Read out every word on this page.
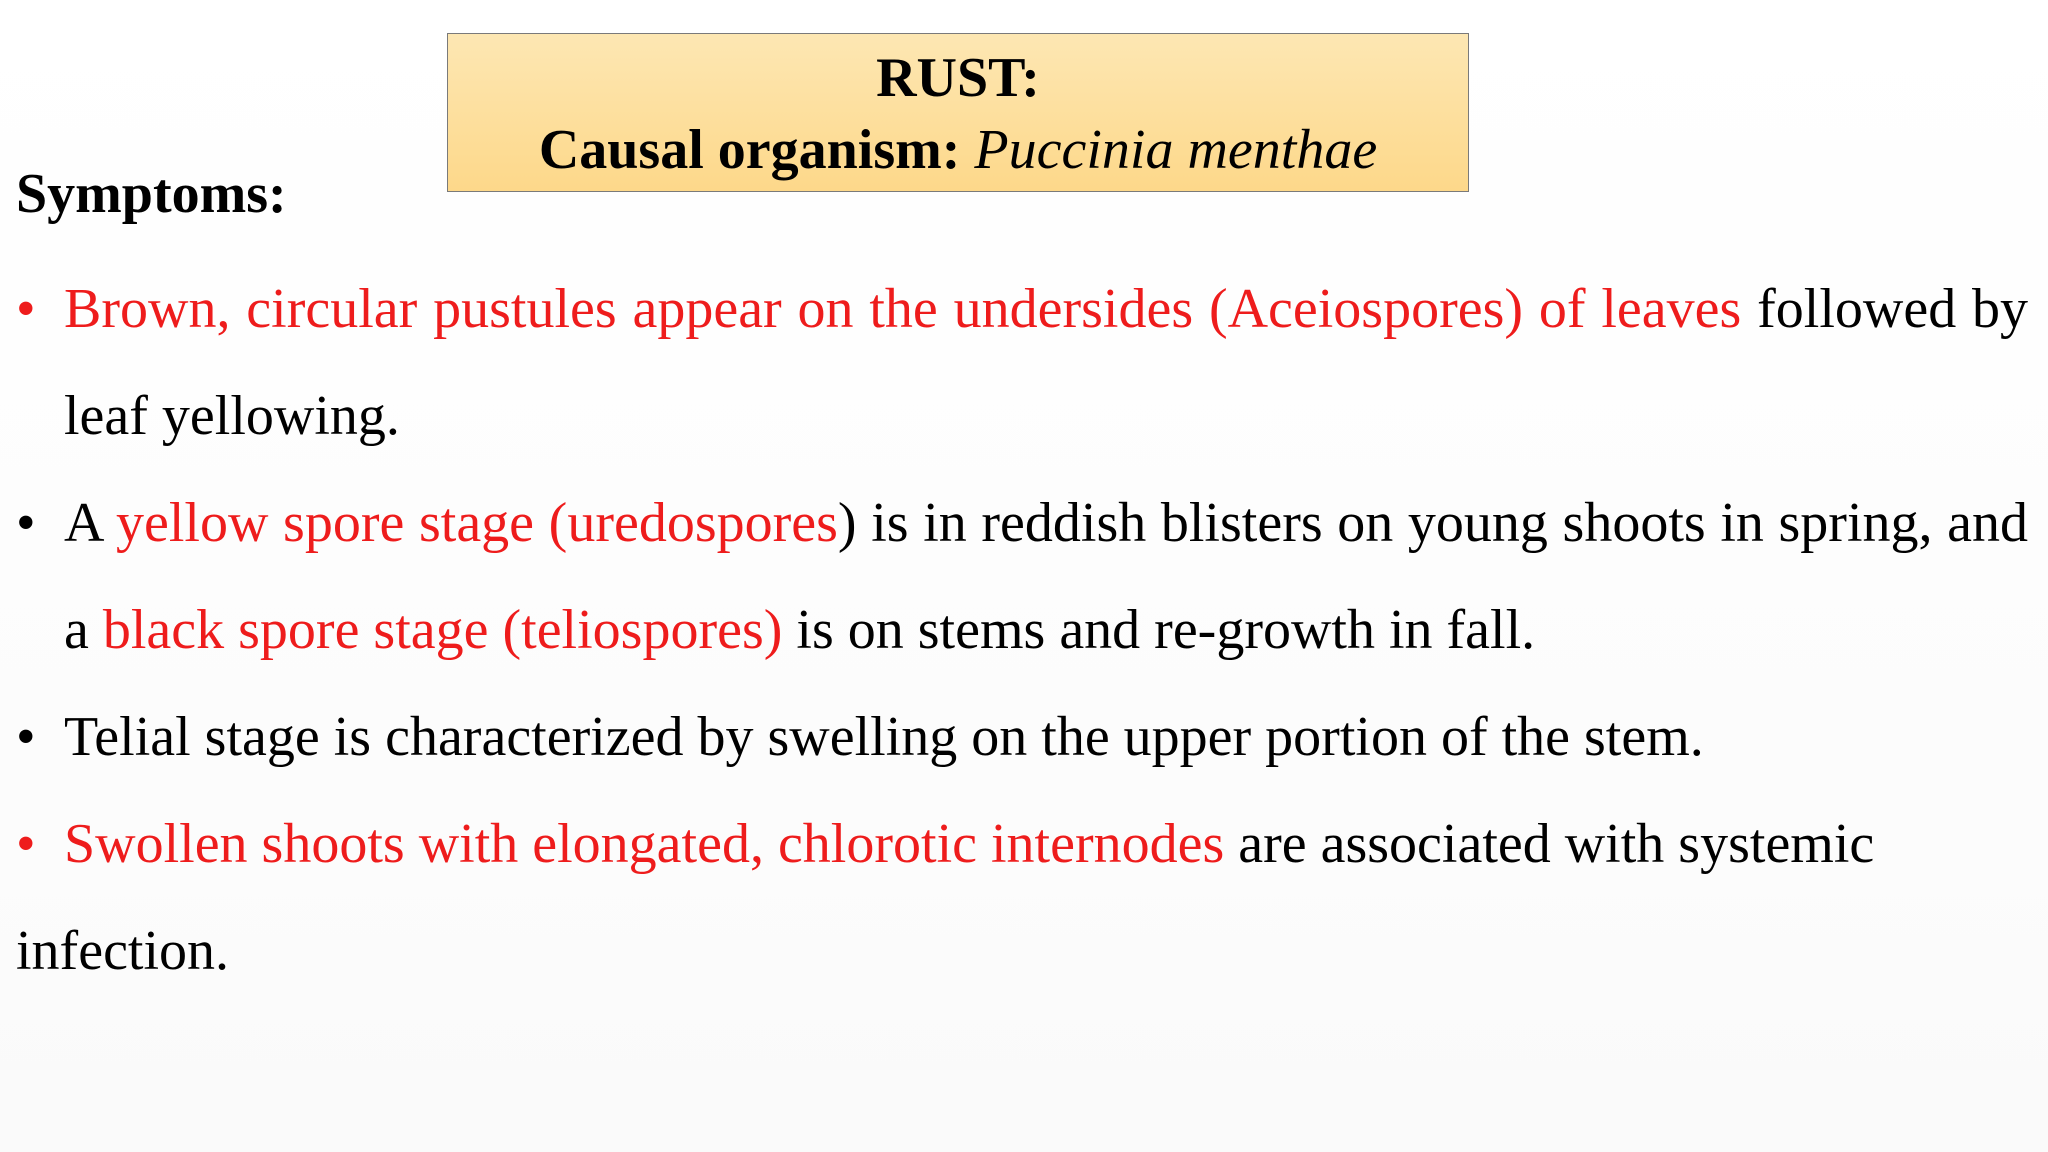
RUST:
Causal organism: Puccinia menthae
Symptoms:

• Brown, circular pustules appear on the undersides (Aceiospores) of leaves followed by leaf yellowing.

• A yellow spore stage (uredospores) is in reddish blisters on young shoots in spring, and a black spore stage (teliospores) is on stems and re-growth in fall.

• Telial stage is characterized by swelling on the upper portion of the stem.

• Swollen shoots with elongated, chlorotic internodes are associated with systemic
infection.
